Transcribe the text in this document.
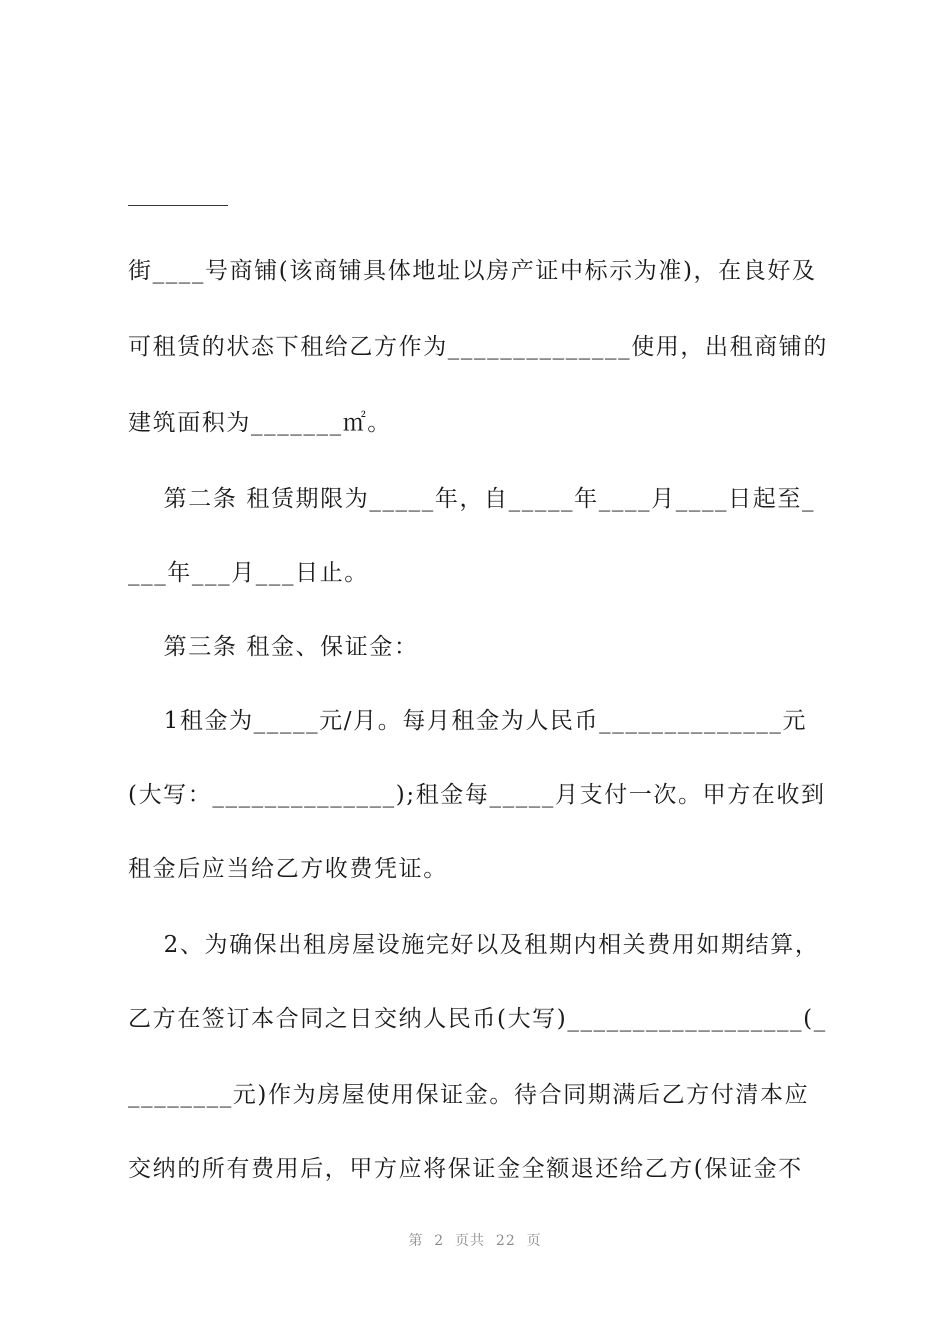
街____号商铺(该商铺具体地址以房产证中标示为准)，在良好及
可租赁的状态下租给乙方作为______________使用，出租商铺的
建筑面积为_______㎡。
第二条 租赁期限为_____年，自_____年____月____日起至_
___年___月___日止。
第三条 租金、保证金：
1租金为_____元/月。每月租金为人民币______________元
(大写：______________);租金每_____月支付一次。甲方在收到
租金后应当给乙方收费凭证。
2、为确保出租房屋设施完好以及租期内相关费用如期结算，
乙方在签订本合同之日交纳人民币(大写)__________________(_
________元)作为房屋使用保证金。待合同期满后乙方付清本应
交纳的所有费用后，甲方应将保证金全额退还给乙方(保证金不
第  2  页共  22  页
